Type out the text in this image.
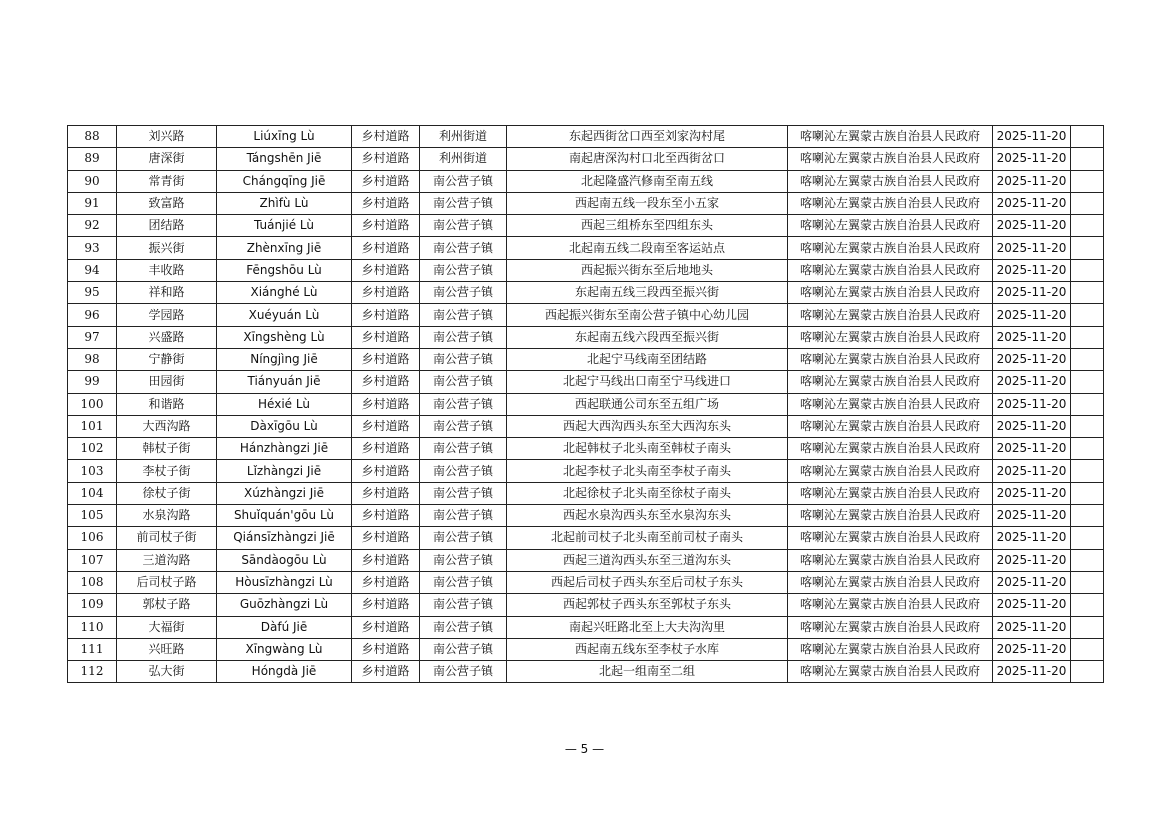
88	刘兴路	Liúxīng Lù	乡村道路	利州街道	东起西街岔口西至刘家沟村尾	喀喇沁左翼蒙古族自治县人民政府	2025-11-20	
89	唐深街	Tángshēn Jiē	乡村道路	利州街道	南起唐深沟村口北至西街岔口	喀喇沁左翼蒙古族自治县人民政府	2025-11-20	
90	常青街	Chángqīng Jiē	乡村道路	南公营子镇	北起隆盛汽修南至南五线	喀喇沁左翼蒙古族自治县人民政府	2025-11-20	
91	致富路	Zhìfù Lù	乡村道路	南公营子镇	西起南五线一段东至小五家	喀喇沁左翼蒙古族自治县人民政府	2025-11-20	
92	团结路	Tuánjié Lù	乡村道路	南公营子镇	西起三组桥东至四组东头	喀喇沁左翼蒙古族自治县人民政府	2025-11-20	
93	振兴街	Zhènxīng Jiē	乡村道路	南公营子镇	北起南五线二段南至客运站点	喀喇沁左翼蒙古族自治县人民政府	2025-11-20	
94	丰收路	Fēngshōu Lù	乡村道路	南公营子镇	西起振兴街东至后地地头	喀喇沁左翼蒙古族自治县人民政府	2025-11-20	
95	祥和路	Xiánghé Lù	乡村道路	南公营子镇	东起南五线三段西至振兴街	喀喇沁左翼蒙古族自治县人民政府	2025-11-20	
96	学园路	Xuéyuán Lù	乡村道路	南公营子镇	西起振兴街东至南公营子镇中心幼儿园	喀喇沁左翼蒙古族自治县人民政府	2025-11-20	
97	兴盛路	Xīngshèng Lù	乡村道路	南公营子镇	东起南五线六段西至振兴街	喀喇沁左翼蒙古族自治县人民政府	2025-11-20	
98	宁静街	Níngjìng Jiē	乡村道路	南公营子镇	北起宁马线南至团结路	喀喇沁左翼蒙古族自治县人民政府	2025-11-20	
99	田园街	Tiányuán Jiē	乡村道路	南公营子镇	北起宁马线出口南至宁马线进口	喀喇沁左翼蒙古族自治县人民政府	2025-11-20	
100	和谐路	Héxié Lù	乡村道路	南公营子镇	西起联通公司东至五组广场	喀喇沁左翼蒙古族自治县人民政府	2025-11-20	
101	大西沟路	Dàxīgōu Lù	乡村道路	南公营子镇	西起大西沟西头东至大西沟东头	喀喇沁左翼蒙古族自治县人民政府	2025-11-20	
102	韩杖子街	Hánzhàngzi Jiē	乡村道路	南公营子镇	北起韩杖子北头南至韩杖子南头	喀喇沁左翼蒙古族自治县人民政府	2025-11-20	
103	李杖子街	Lǐzhàngzi Jiē	乡村道路	南公营子镇	北起李杖子北头南至李杖子南头	喀喇沁左翼蒙古族自治县人民政府	2025-11-20	
104	徐杖子街	Xúzhàngzi Jiē	乡村道路	南公营子镇	北起徐杖子北头南至徐杖子南头	喀喇沁左翼蒙古族自治县人民政府	2025-11-20	
105	水泉沟路	Shuǐquán'gōu Lù	乡村道路	南公营子镇	西起水泉沟西头东至水泉沟东头	喀喇沁左翼蒙古族自治县人民政府	2025-11-20	
106	前司杖子街	Qiánsīzhàngzi Jiē	乡村道路	南公营子镇	北起前司杖子北头南至前司杖子南头	喀喇沁左翼蒙古族自治县人民政府	2025-11-20	
107	三道沟路	Sāndàogōu Lù	乡村道路	南公营子镇	西起三道沟西头东至三道沟东头	喀喇沁左翼蒙古族自治县人民政府	2025-11-20	
108	后司杖子路	Hòusīzhàngzi Lù	乡村道路	南公营子镇	西起后司杖子西头东至后司杖子东头	喀喇沁左翼蒙古族自治县人民政府	2025-11-20	
109	郭杖子路	Guōzhàngzi Lù	乡村道路	南公营子镇	西起郭杖子西头东至郭杖子东头	喀喇沁左翼蒙古族自治县人民政府	2025-11-20	
110	大福街	Dàfú Jiē	乡村道路	南公营子镇	南起兴旺路北至上大夫沟沟里	喀喇沁左翼蒙古族自治县人民政府	2025-11-20	
111	兴旺路	Xīngwàng Lù	乡村道路	南公营子镇	西起南五线东至李杖子水库	喀喇沁左翼蒙古族自治县人民政府	2025-11-20	
112	弘大街	Hóngdà Jiē	乡村道路	南公营子镇	北起一组南至二组	喀喇沁左翼蒙古族自治县人民政府	2025-11-20	
— 5 —
